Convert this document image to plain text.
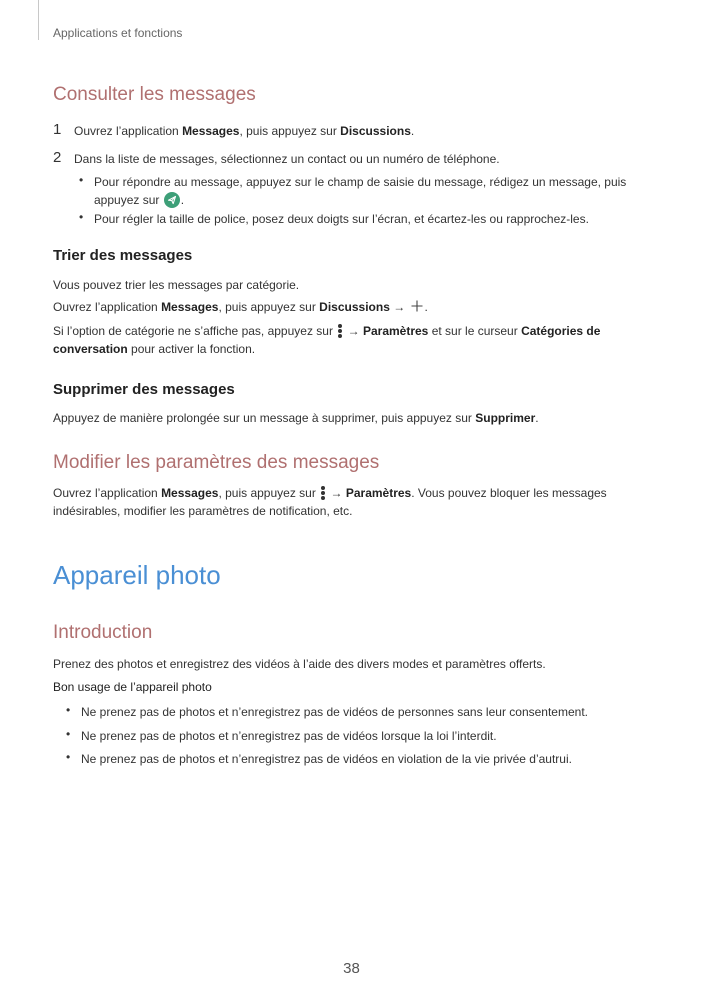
Applications et fonctions
Consulter les messages
1 Ouvrez l’application Messages, puis appuyez sur Discussions.
2 Dans la liste de messages, sélectionnez un contact ou un numéro de téléphone.
• Pour répondre au message, appuyez sur le champ de saisie du message, rédigez un message, puis
appuyez sur
.
• Pour régler la taille de police, posez deux doigts sur l’écran, et écartez-les ou rapprochez-les.
Trier des messages
Vous pouvez trier les messages par catégorie.
Ouvrez l’application Messages, puis appuyez sur Discussions → .
Si l’option de catégorie ne s’affiche pas, appuyez sur  → Paramètres et sur le curseur Catégories de
conversation pour activer la fonction.
Supprimer des messages
Appuyez de manière prolongée sur un message à supprimer, puis appuyez sur Supprimer.
Modifier les paramètres des messages
Ouvrez l’application Messages, puis appuyez sur  → Paramètres. Vous pouvez bloquer les messages
indésirables, modifier les paramètres de notification, etc.
Appareil photo
Introduction
Prenez des photos et enregistrez des vidéos à l’aide des divers modes et paramètres offerts.
Bon usage de l’appareil photo
• Ne prenez pas de photos et n’enregistrez pas de vidéos de personnes sans leur consentement.
• Ne prenez pas de photos et n’enregistrez pas de vidéos lorsque la loi l’interdit.
• Ne prenez pas de photos et n’enregistrez pas de vidéos en violation de la vie privée d’autrui.
38
